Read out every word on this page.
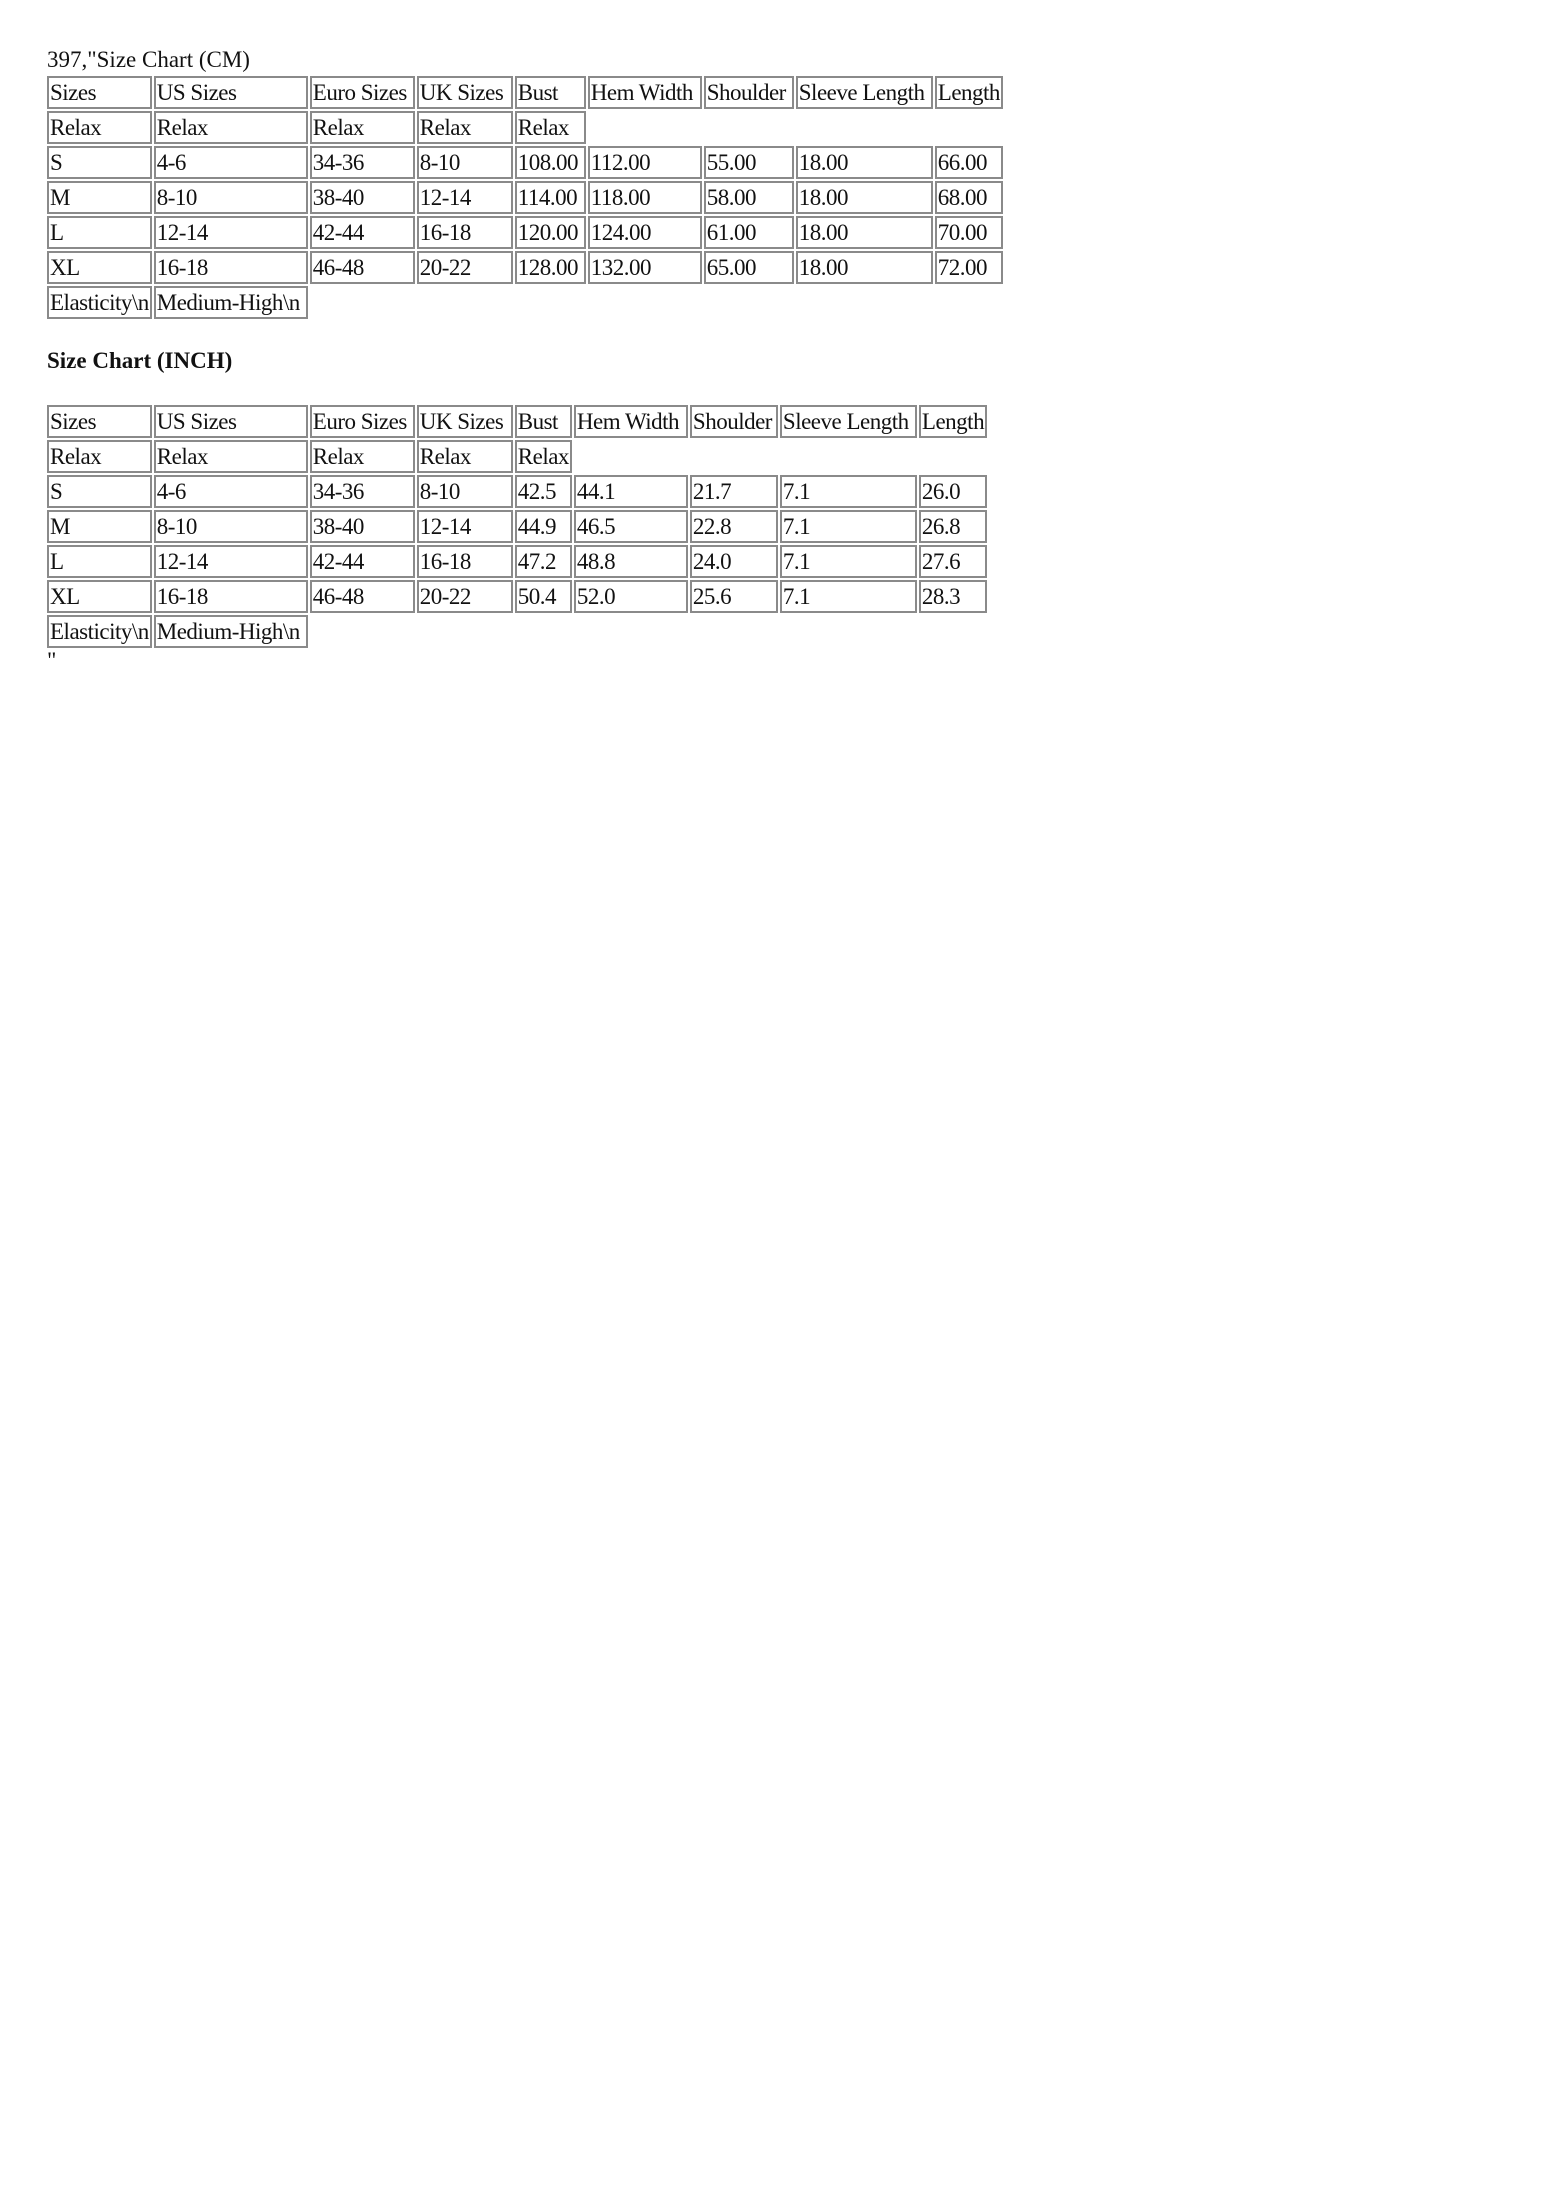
397,"Size Chart (CM)
Sizes	US Sizes	Euro Sizes	UK Sizes	Bust	Hem Width	Shoulder	Sleeve Length	Length
Relax	Relax	Relax	Relax	Relax				
S	4-6	34-36	8-10	108.00	112.00	55.00	18.00	66.00
M	8-10	38-40	12-14	114.00	118.00	58.00	18.00	68.00
L	12-14	42-44	16-18	120.00	124.00	61.00	18.00	70.00
XL	16-18	46-48	20-22	128.00	132.00	65.00	18.00	72.00
Elasticity\n	Medium-High\n							
Size Chart (INCH)
Sizes	US Sizes	Euro Sizes	UK Sizes	Bust	Hem Width	Shoulder	Sleeve Length	Length
Relax	Relax	Relax	Relax	Relax				
S	4-6	34-36	8-10	42.5	44.1	21.7	7.1	26.0
M	8-10	38-40	12-14	44.9	46.5	22.8	7.1	26.8
L	12-14	42-44	16-18	47.2	48.8	24.0	7.1	27.6
XL	16-18	46-48	20-22	50.4	52.0	25.6	7.1	28.3
Elasticity\n	Medium-High\n							
"
